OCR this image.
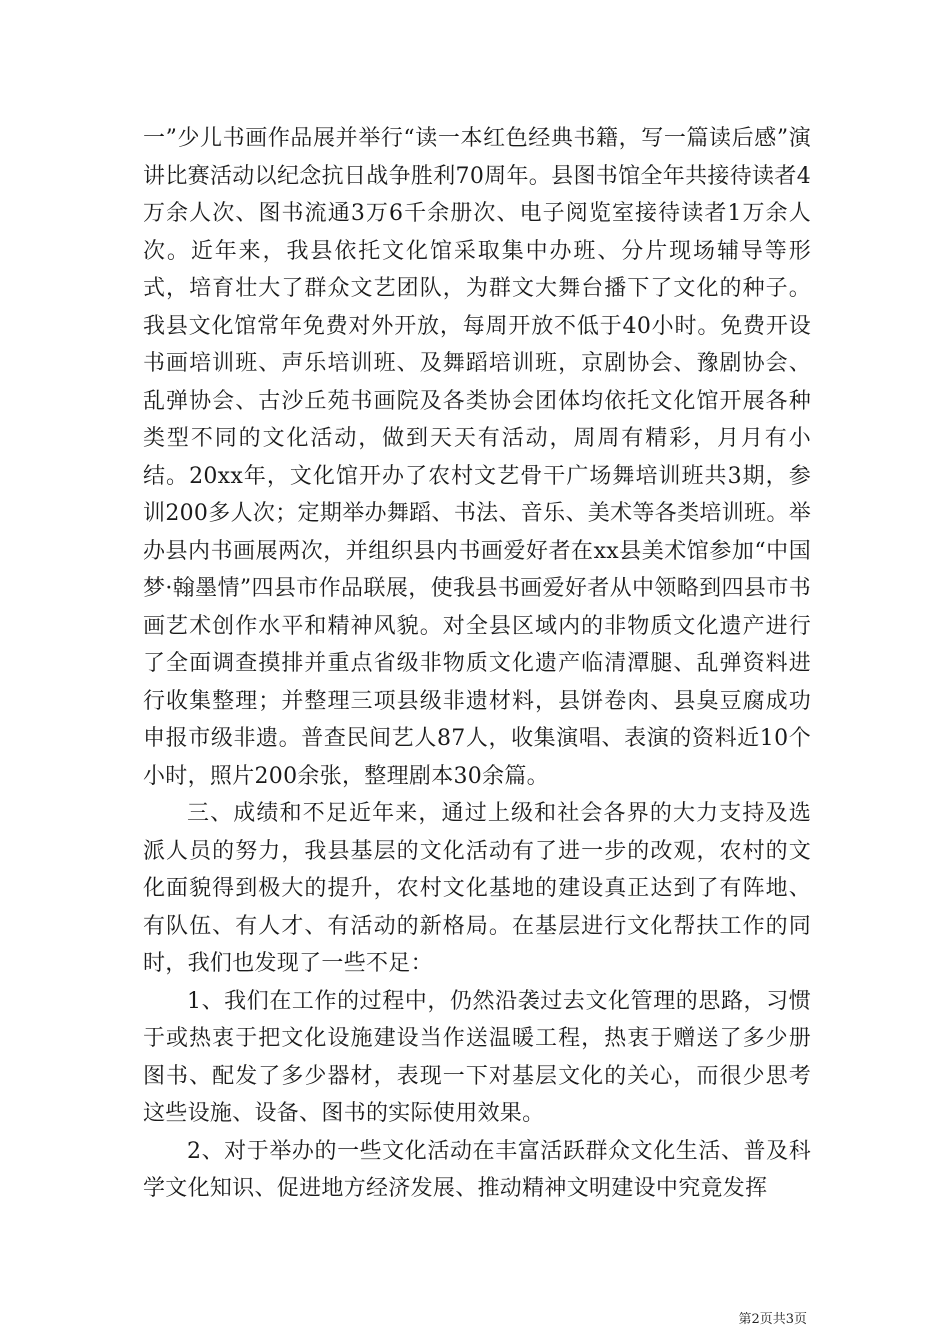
一”少儿书画作品展并举行“读一本红色经典书籍，写一篇读后感”演讲比赛活动以纪念抗日战争胜利70周年。县图书馆全年共接待读者4万余人次、图书流通3万6千余册次、电子阅览室接待读者1万余人次。近年来，我县依托文化馆采取集中办班、分片现场辅导等形式，培育壮大了群众文艺团队，为群文大舞台播下了文化的种子。我县文化馆常年免费对外开放，每周开放不低于40小时。免费开设书画培训班、声乐培训班、及舞蹈培训班，京剧协会、豫剧协会、乱弹协会、古沙丘苑书画院及各类协会团体均依托文化馆开展各种类型不同的文化活动，做到天天有活动，周周有精彩，月月有小结。20xx年，文化馆开办了农村文艺骨干广场舞培训班共3期，参训200多人次；定期举办舞蹈、书法、音乐、美术等各类培训班。举办县内书画展两次，并组织县内书画爱好者在xx县美术馆参加“中国梦·翰墨情”四县市作品联展，使我县书画爱好者从中领略到四县市书画艺术创作水平和精神风貌。对全县区域内的非物质文化遗产进行了全面调查摸排并重点省级非物质文化遗产临清潭腿、乱弹资料进行收集整理；并整理三项县级非遗材料，县饼卷肉、县臭豆腐成功申报市级非遗。普查民间艺人87人，收集演唱、表演的资料近10个小时，照片200余张，整理剧本30余篇。

三、成绩和不足近年来，通过上级和社会各界的大力支持及选派人员的努力，我县基层的文化活动有了进一步的改观，农村的文化面貌得到极大的提升，农村文化基地的建设真正达到了有阵地、有队伍、有人才、有活动的新格局。在基层进行文化帮扶工作的同时，我们也发现了一些不足：

1、我们在工作的过程中，仍然沿袭过去文化管理的思路，习惯于或热衷于把文化设施建设当作送温暖工程，热衷于赠送了多少册图书、配发了多少器材，表现一下对基层文化的关心，而很少思考这些设施、设备、图书的实际使用效果。

2、对于举办的一些文化活动在丰富活跃群众文化生活、普及科学文化知识、促进地方经济发展、推动精神文明建设中究竟发挥

第2页共3页
